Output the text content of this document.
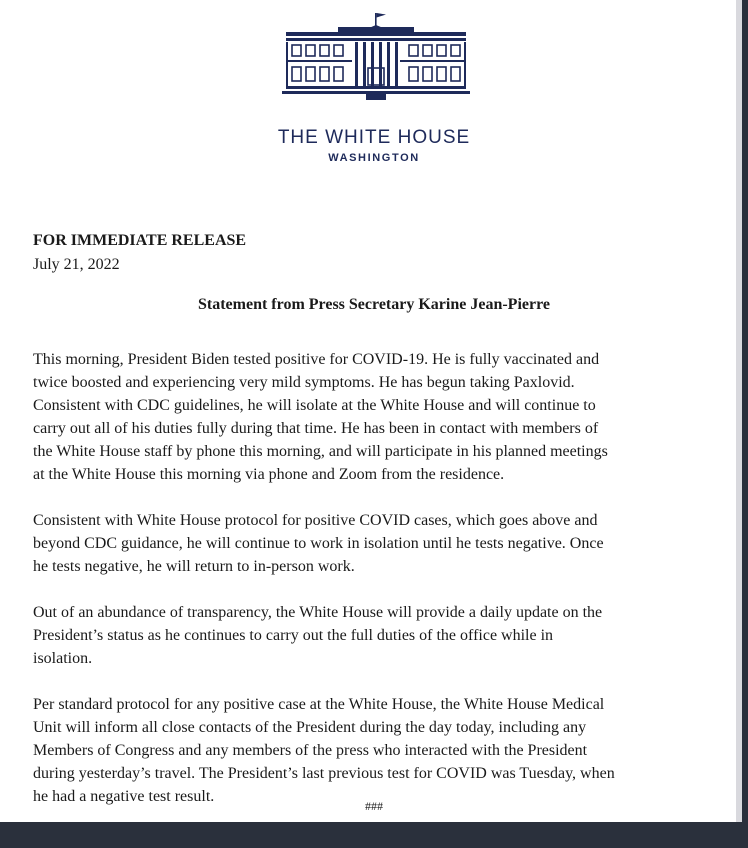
THE WHITE HOUSE
WASHINGTON
FOR IMMEDIATE RELEASE
July 21, 2022
Statement from Press Secretary Karine Jean-Pierre

This morning, President Biden tested positive for COVID-19. He is fully vaccinated and
twice boosted and experiencing very mild symptoms. He has begun taking Paxlovid.
Consistent with CDC guidelines, he will isolate at the White House and will continue to
carry out all of his duties fully during that time. He has been in contact with members of
the White House staff by phone this morning, and will participate in his planned meetings
at the White House this morning via phone and Zoom from the residence.

Consistent with White House protocol for positive COVID cases, which goes above and
beyond CDC guidance, he will continue to work in isolation until he tests negative. Once
he tests negative, he will return to in-person work.

Out of an abundance of transparency, the White House will provide a daily update on the
President’s status as he continues to carry out the full duties of the office while in
isolation.

Per standard protocol for any positive case at the White House, the White House Medical
Unit will inform all close contacts of the President during the day today, including any
Members of Congress and any members of the press who interacted with the President
during yesterday’s travel. The President’s last previous test for COVID was Tuesday, when
he had a negative test result.

###
